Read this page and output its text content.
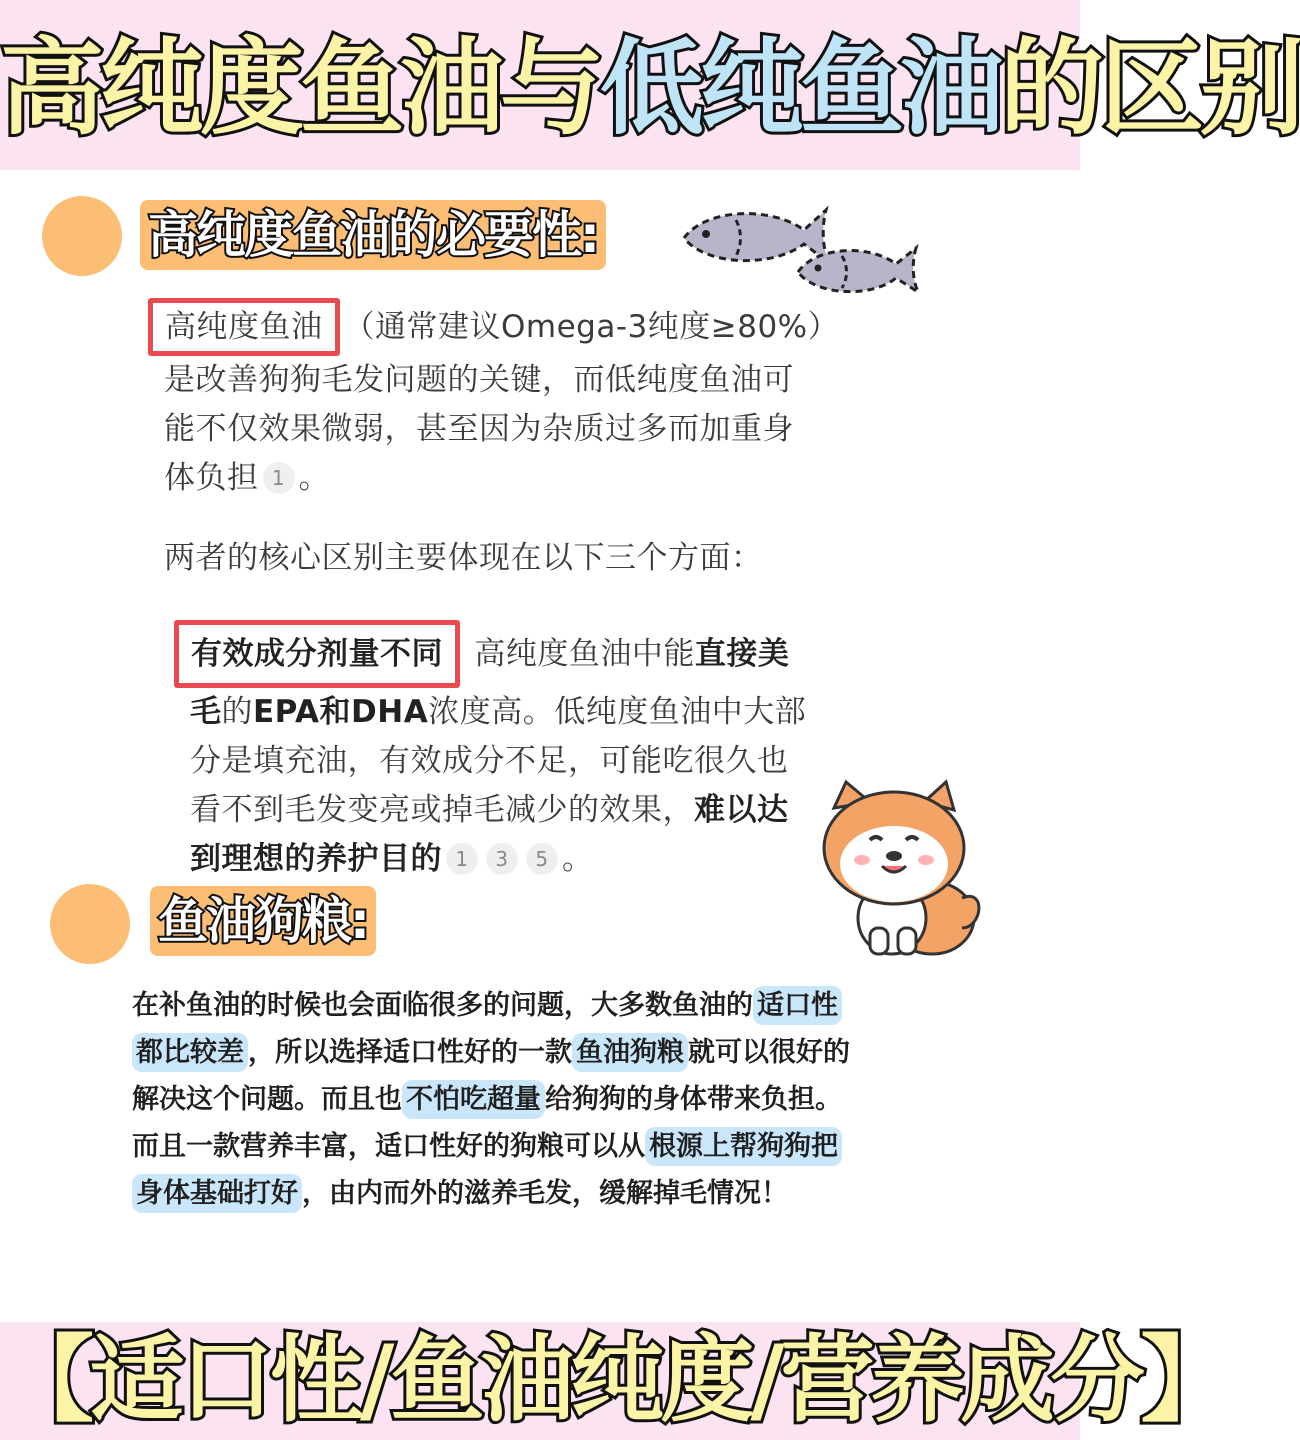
高纯度鱼油与低纯鱼油的区别
高纯度鱼油的必要性:
高纯度鱼油 （通常建议Omega-3纯度≥80%）
是改善狗狗毛发问题的关键，而低纯度鱼油可
能不仅效果微弱，甚至因为杂质过多而加重身
体负担 1 。
两者的核心区别主要体现在以下三个方面：
有效成分剂量不同 高纯度鱼油中能直接美
毛的EPA和DHA浓度高。低纯度鱼油中大部
分是填充油，有效成分不足，可能吃很久也
看不到毛发变亮或掉毛减少的效果，难以达
到理想的养护目的 1 3 5 。
鱼油狗粮:
在补鱼油的时候也会面临很多的问题，大多数鱼油的 适口性
都比较差 ，所以选择适口性好的一款 鱼油狗粮 就可以很好的
解决这个问题。而且也 不怕吃超量 给狗狗的身体带来负担。
而且一款营养丰富，适口性好的狗粮可以从 根源上帮狗狗把
身体基础打好 ，由内而外的滋养毛发，缓解掉毛情况！
【适口性/鱼油纯度/营养成分】
